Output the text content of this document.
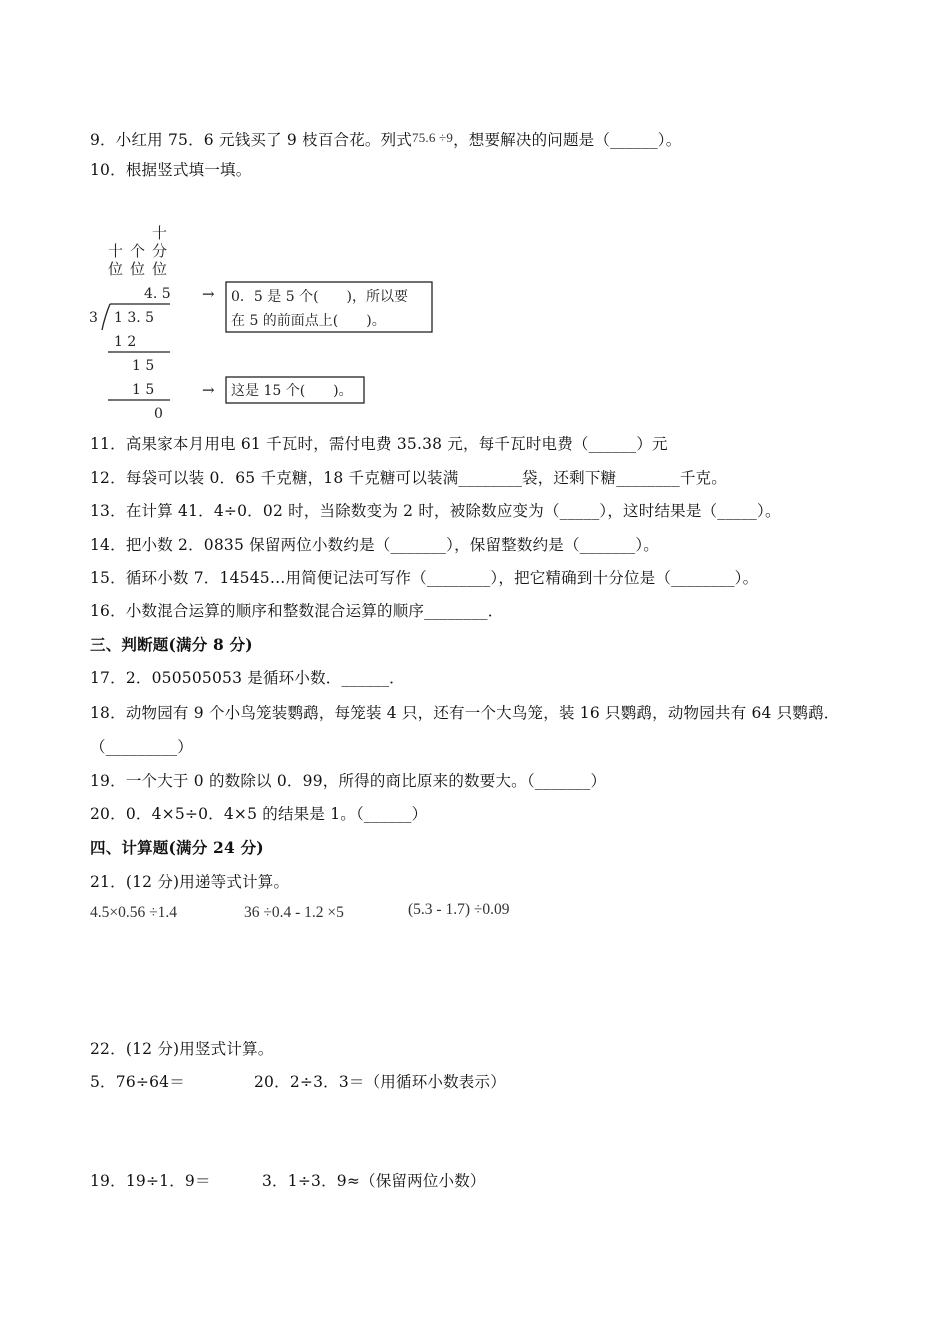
9．小红用 75．6 元钱买了 9 枝百合花。列式75.6 ÷9，想要解决的问题是（______）。
10．根据竖式填一填。
十
十 个 分
位 位 位
4. 5
3 1 3. 5
1 2
1 5
1 5
0
→ 0．5 是 5 个(　　)，所以要
在 5 的前面点上(　　)。
→ 这是 15 个(　　)。
11．高果家本月用电 61 千瓦时，需付电费 35.38 元，每千瓦时电费（______）元
12．每袋可以装 0．65 千克糖，18 千克糖可以装满________袋，还剩下糖________千克。
13．在计算 41．4÷0．02 时，当除数变为 2 时，被除数应变为（_____），这时结果是（_____）。
14．把小数 2．0835 保留两位小数约是（_______），保留整数约是（_______）。
15．循环小数 7．14545…用简便记法可写作（________），把它精确到十分位是（________）。
16．小数混合运算的顺序和整数混合运算的顺序________．
三、判断题(满分 8 分)
17．2．050505053 是循环小数．______．
18．动物园有 9 个小鸟笼装鹦鹉，每笼装 4 只，还有一个大鸟笼，装 16 只鹦鹉，动物园共有 64 只鹦鹉．
（_________）
19．一个大于 0 的数除以 0．99，所得的商比原来的数要大。（_______）
20．0．4×5÷0．4×5 的结果是 1。（______）
四、计算题(满分 24 分)
21．(12 分)用递等式计算。
4.5×0.56 ÷1.4	36 ÷0.4 - 1.2 ×5	(5.3 - 1.7) ÷0.09
22．(12 分)用竖式计算。
5．76÷64＝	20．2÷3．3＝（用循环小数表示）
19．19÷1．9＝	3．1÷3．9≈（保留两位小数）
